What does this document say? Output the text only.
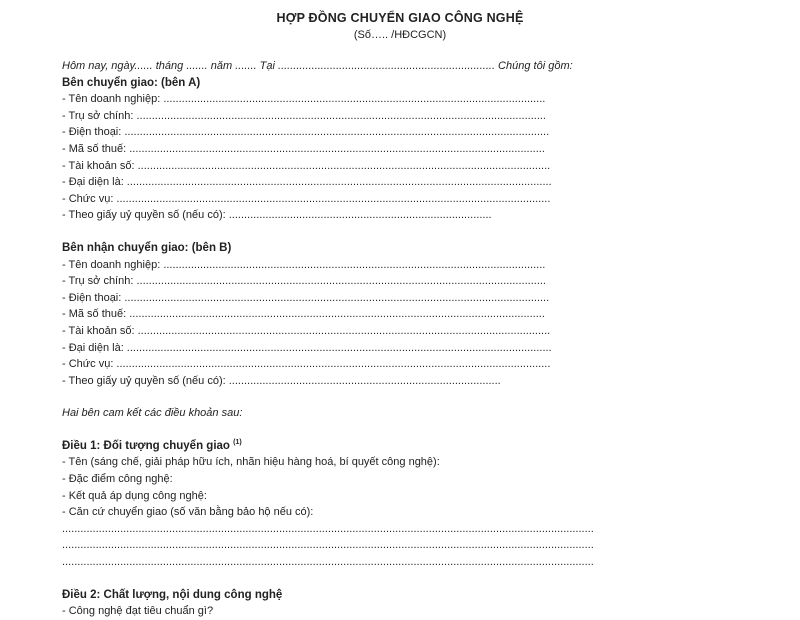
HỢP ĐỒNG CHUYỂN GIAO CÔNG NGHỆ
(Số….. /HĐCGCN)
Hôm nay, ngày...... tháng ....... năm ....... Tại ....................................................................... Chúng tôi gồm:
Bên chuyển giao: (bên A)
- Tên doanh nghiệp: .............................................................................................................................
- Trụ sở chính: ......................................................................................................................................
- Điện thoại: ...........................................................................................................................................
- Mã số thuế: ........................................................................................................................................
- Tài khoản số: .......................................................................................................................................
- Đại diện là: ...........................................................................................................................................
- Chức vụ: ..............................................................................................................................................
- Theo giấy uỷ quyền số (nếu có): ......................................................................................
Bên nhận chuyển giao: (bên B)
- Tên doanh nghiệp: .............................................................................................................................
- Trụ sở chính: ......................................................................................................................................
- Điện thoại: ...........................................................................................................................................
- Mã số thuế: ........................................................................................................................................
- Tài khoản số: .......................................................................................................................................
- Đại diện là: ...........................................................................................................................................
- Chức vụ: ..............................................................................................................................................
- Theo giấy uỷ quyền số (nếu có): .........................................................................................
Hai bên cam kết các điều khoản sau:
Điều 1: Đối tượng chuyển giao $^{(1)}$
- Tên (sáng chế, giải pháp hữu ích, nhãn hiệu hàng hoá, bí quyết công nghệ):
- Đặc điểm công nghệ:
- Kết quả áp dụng công nghệ:
- Căn cứ chuyển giao (số văn bằng bảo hộ nếu có):
..............................................................................................................................................................................
..............................................................................................................................................................................
..............................................................................................................................................................................
Điều 2: Chất lượng, nội dung công nghệ
- Công nghệ đạt tiêu chuẩn gì?
